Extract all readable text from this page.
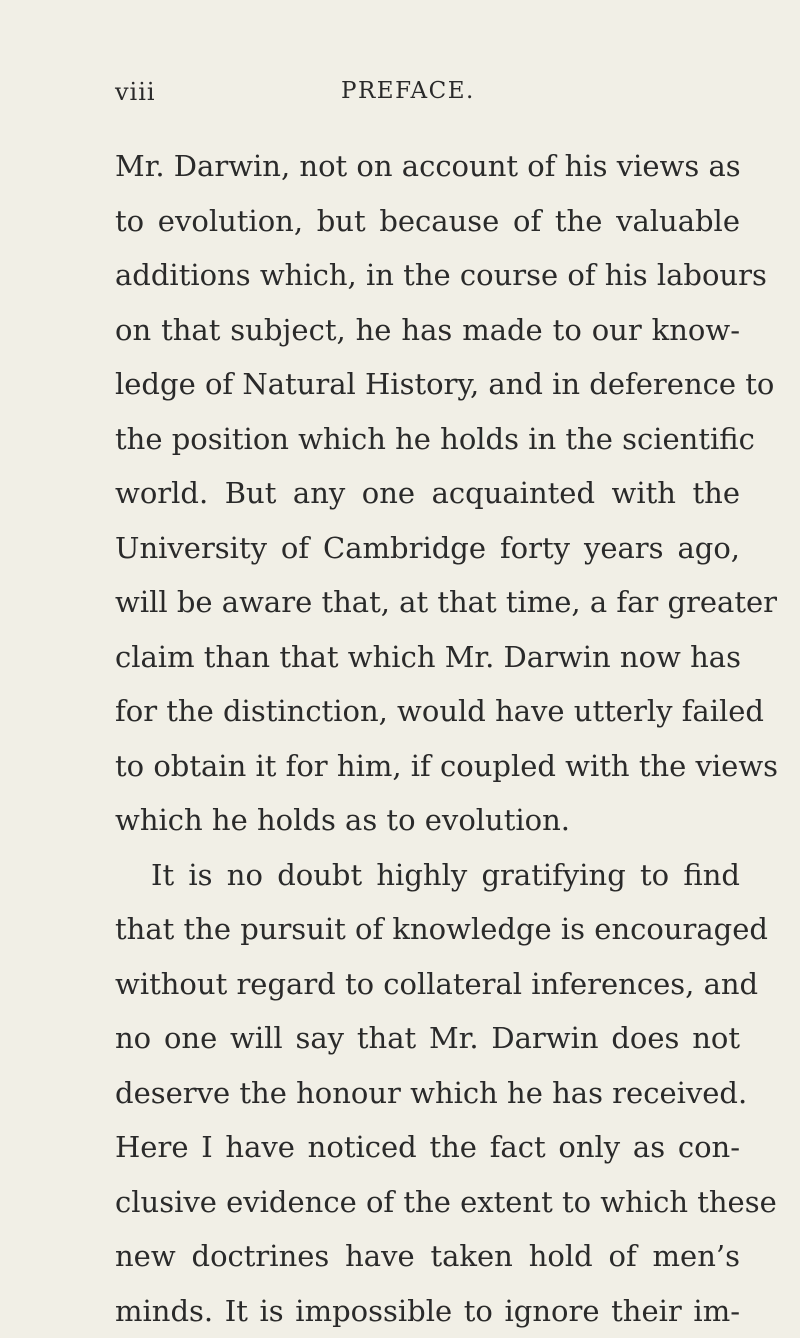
viii	PREFACE.
Mr. Darwin, not on account of his views as
to evolution, but because of the valuable
additions which, in the course of his labours
on that subject, he has made to our know-
ledge of Natural History, and in deference to
the position which he holds in the scientific
world. But any one acquainted with the
University of Cambridge forty years ago,
will be aware that, at that time, a far greater
claim than that which Mr. Darwin now has
for the distinction, would have utterly failed
to obtain it for him, if coupled with the views
which he holds as to evolution.
It is no doubt highly gratifying to find
that the pursuit of knowledge is encouraged
without regard to collateral inferences, and
no one will say that Mr. Darwin does not
deserve the honour which he has received.
Here I have noticed the fact only as con-
clusive evidence of the extent to which these
new doctrines have taken hold of men’s
minds. It is impossible to ignore their im-
